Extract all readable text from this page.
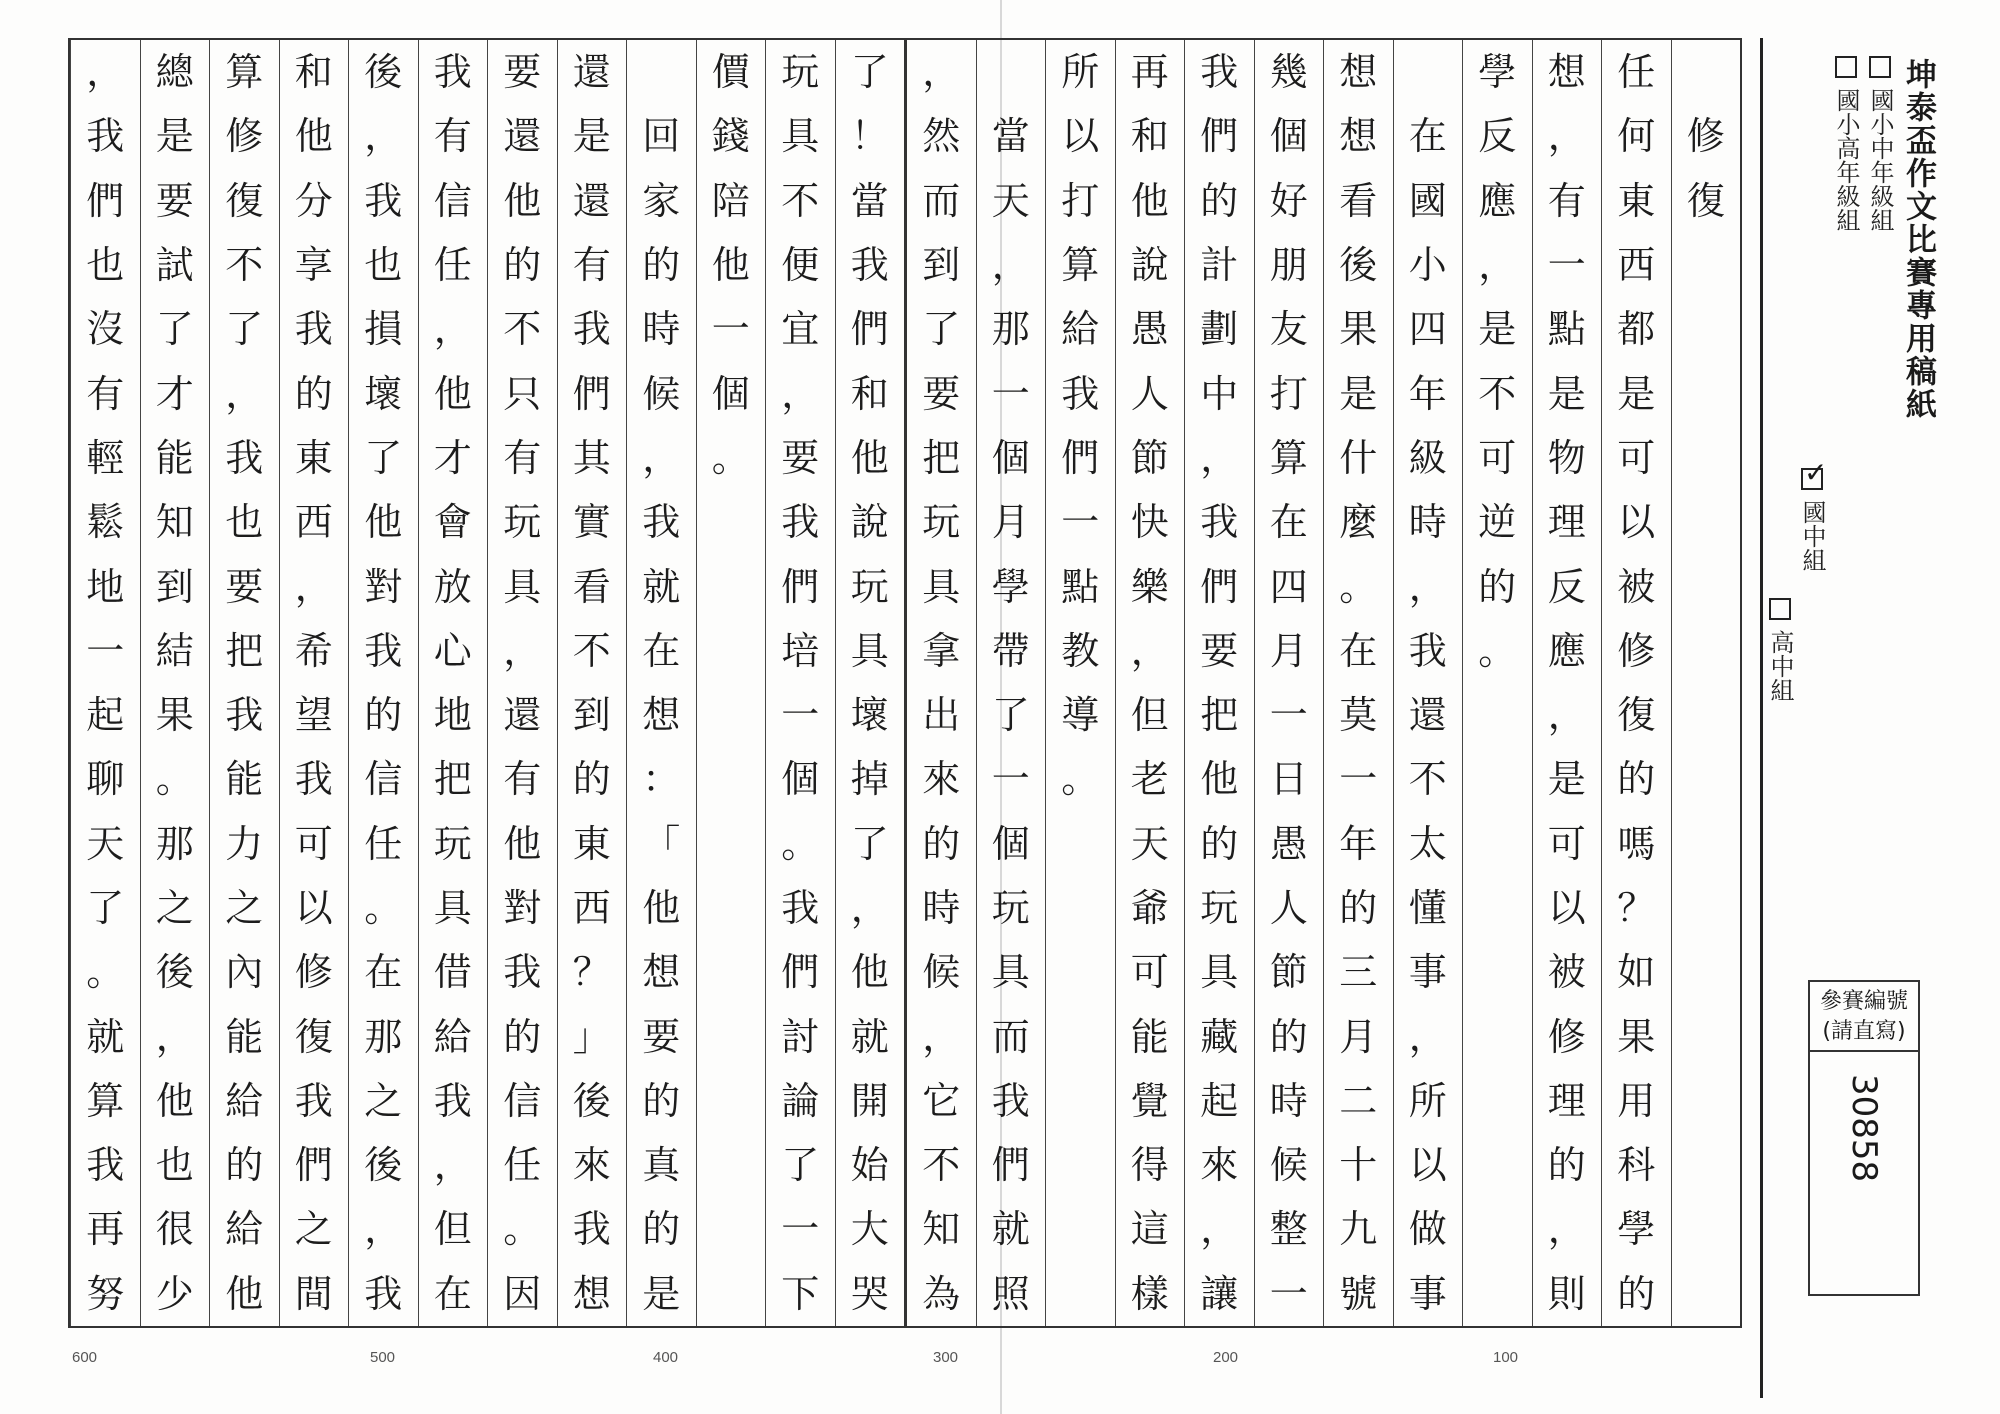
修
復
任
何
東
西
都
是
可
以
被
修
復
的
嗎
？
如
果
用
科
學
的
想
，
有
一
點
是
物
理
反
應
，
是
可
以
被
修
理
的
，
則
學
反
應
，
是
不
可
逆
的
。
在
國
小
四
年
級
時
，
我
還
不
太
懂
事
，
所
以
做
事
想
想
看
後
果
是
什
麼
。
在
莫
一
年
的
三
月
二
十
九
號
幾
個
好
朋
友
打
算
在
四
月
一
日
愚
人
節
的
時
候
整
一
我
們
的
計
劃
中
，
我
們
要
把
他
的
玩
具
藏
起
來
，
讓
再
和
他
說
愚
人
節
快
樂
，
但
老
天
爺
可
能
覺
得
這
樣
所
以
打
算
給
我
們
一
點
教
導
。
當
天
，
那
一
個
月
學
帶
了
一
個
玩
具
而
我
們
就
照
，
然
而
到
了
要
把
玩
具
拿
出
來
的
時
候
，
它
不
知
為
了
！
當
我
們
和
他
說
玩
具
壞
掉
了
，
他
就
開
始
大
哭
玩
具
不
便
宜
，
要
我
們
培
一
個
。
我
們
討
論
了
一
下
價
錢
陪
他
一
個
。
回
家
的
時
候
，
我
就
在
想
：
「
他
想
要
的
真
的
是
還
是
還
有
我
們
其
實
看
不
到
的
東
西
？
」
後
來
我
想
要
還
他
的
不
只
有
玩
具
，
還
有
他
對
我
的
信
任
。
因
我
有
信
任
，
他
才
會
放
心
地
把
玩
具
借
給
我
，
但
在
後
，
我
也
損
壞
了
他
對
我
的
信
任
。
在
那
之
後
，
我
和
他
分
享
我
的
東
西
，
希
望
我
可
以
修
復
我
們
之
間
算
修
復
不
了
，
我
也
要
把
我
能
力
之
內
能
給
的
給
他
總
是
要
試
了
才
能
知
到
結
果
。
那
之
後
，
他
也
很
少
，
我
們
也
沒
有
輕
鬆
地
一
起
聊
天
了
。
就
算
我
再
努
600	500	400	300	200	100
坤泰盃作文比賽專用稿紙
國小中年級組
國小高年級組
✓國中組
高中組
參賽編號
(請直寫)
30858
